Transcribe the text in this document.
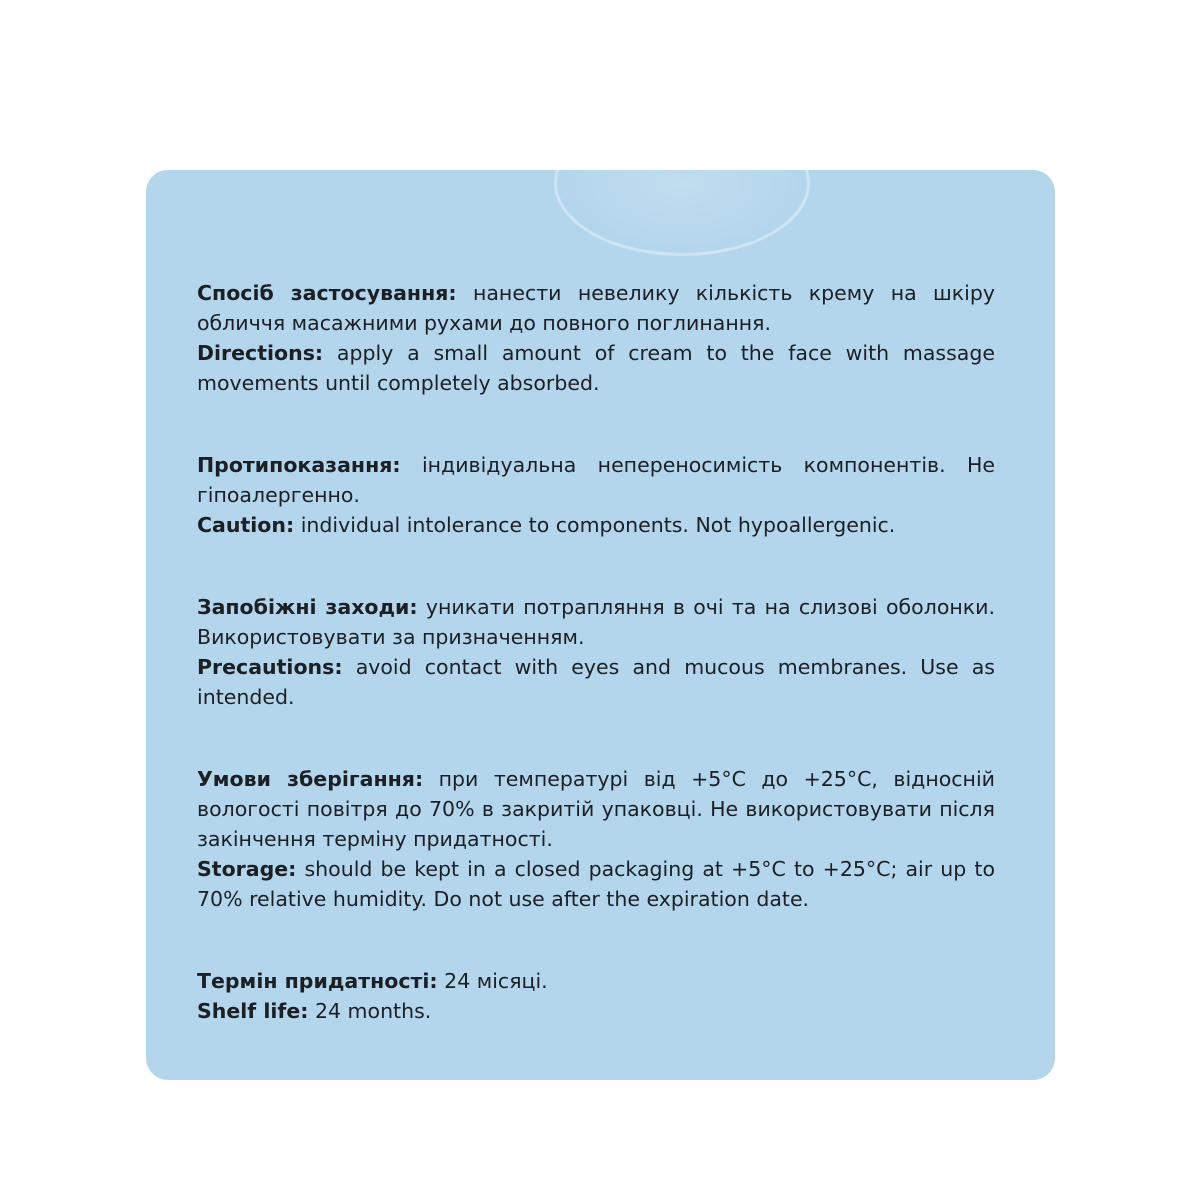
Спосіб застосування: нанести невелику кількість крему на шкіру обличчя масажними рухами до повного поглинання.

Directions: apply a small amount of cream to the face with massage movements until completely absorbed.

Протипоказання: індивідуальна непереносимість компонентів. Не гіпоалергенно.

Caution: individual intolerance to components. Not hypoallergenic.

Запобіжні заходи: уникати потрапляння в очі та на слизові оболонки. Використовувати за призначенням.

Precautions: avoid contact with eyes and mucous membranes. Use as intended.

Умови зберігання: при температурі від +5°C до +25°C, відносній вологості повітря до 70% в закритій упаковці. Не використовувати після закінчення терміну придатності.

Storage: should be kept in a closed packaging at +5°C to +25°C; air up to 70% relative humidity. Do not use after the expiration date.

Термін придатності: 24 місяці.

Shelf life: 24 months.
